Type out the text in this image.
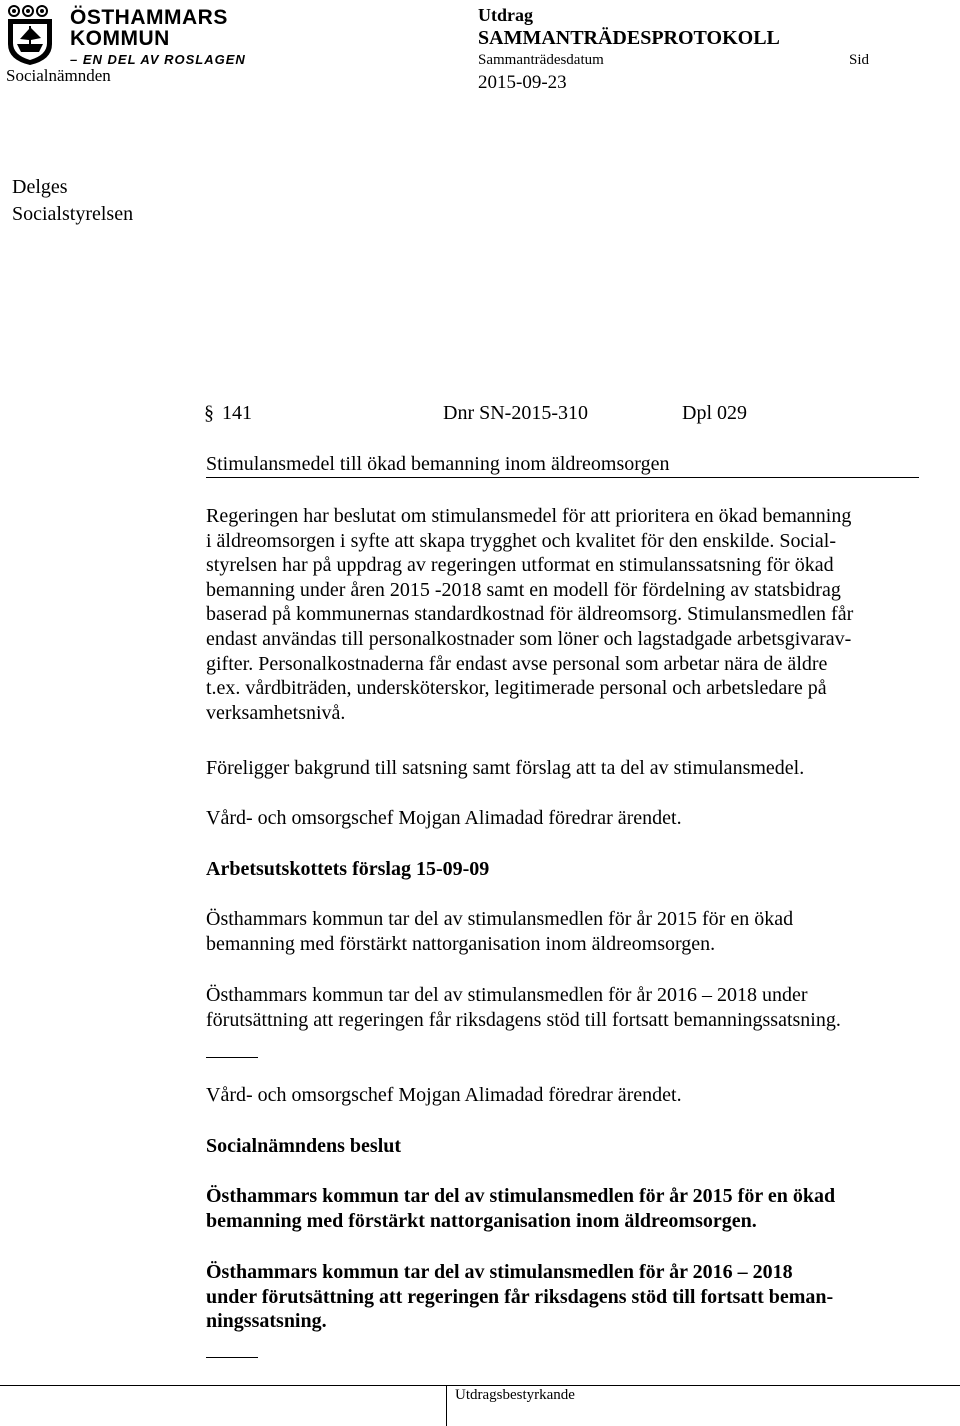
ÖSTHAMMARS
KOMMUN
– EN DEL AV ROSLAGEN
Socialnämnden
Utdrag
SAMMANTRÄDESPROTOKOLL
Sammanträdesdatum
2015-09-23
Sid
Delges
Socialstyrelsen
§ 141	Dnr SN-2015-310	Dpl 029
Stimulansmedel till ökad bemanning inom äldreomsorgen
Regeringen har beslutat om stimulansmedel för att prioritera en ökad bemanning
i äldreomsorgen i syfte att skapa trygghet och kvalitet för den enskilde. Social-
styrelsen har på uppdrag av regeringen utformat en stimulanssatsning för ökad
bemanning under åren 2015 -2018 samt en modell för fördelning av statsbidrag
baserad på kommunernas standardkostnad för äldreomsorg. Stimulansmedlen får
endast användas till personalkostnader som löner och lagstadgade arbetsgivarav-
gifter. Personalkostnaderna får endast avse personal som arbetar nära de äldre
t.ex. vårdbiträden, undersköterskor, legitimerade personal och arbetsledare på
verksamhetsnivå.
Föreligger bakgrund till satsning samt förslag att ta del av stimulansmedel.
Vård- och omsorgschef Mojgan Alimadad föredrar ärendet.
Arbetsutskottets förslag 15-09-09
Östhammars kommun tar del av stimulansmedlen för år 2015 för en ökad
bemanning med förstärkt nattorganisation inom äldreomsorgen.
Östhammars kommun tar del av stimulansmedlen för år 2016 – 2018 under
förutsättning att regeringen får riksdagens stöd till fortsatt bemanningssatsning.
Vård- och omsorgschef Mojgan Alimadad föredrar ärendet.
Socialnämndens beslut
Östhammars kommun tar del av stimulansmedlen för år 2015 för en ökad
bemanning med förstärkt nattorganisation inom äldreomsorgen.
Östhammars kommun tar del av stimulansmedlen för år 2016 – 2018
under förutsättning att regeringen får riksdagens stöd till fortsatt beman-
ningssatsning.
Utdragsbestyrkande
